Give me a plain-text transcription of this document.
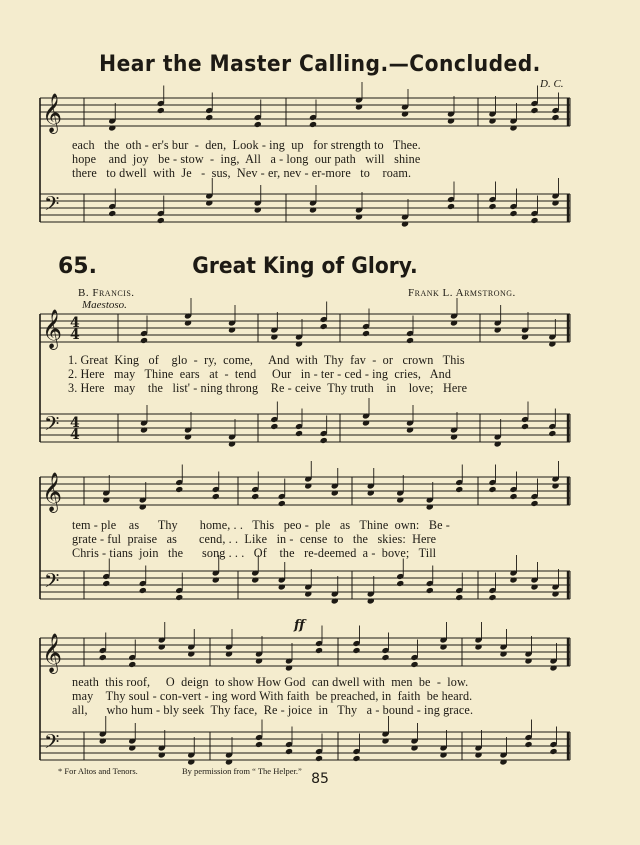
Hear the Master Calling.—Concluded.
D. C.
65.	Great King of Glory.
B. Francis.	Frank L. Armstrong.
Maestoso.
each   the  oth - er's bur  -  den,  Look - ing  up   for strength to   Thee.
hope    and  joy   be - stow  -  ing,  All   a - long  our path   will   shine
there   to dwell  with  Je   -  sus,  Nev - er, nev - er-more   to    roam.
1. Great  King   of    glo  -  ry,  come,     And  with  Thy  fav  -  or   crown   This
2. Here   may   Thine  ears   at  -  tend     Our   in - ter - ced - ing  cries,   And
3. Here   may    the   list' - ning throng    Re - ceive  Thy truth    in    love;   Here
tem - ple    as      Thy       home, . .   This   peo -  ple   as   Thine  own:   Be -
grate - ful  praise   as       cend, . .  Like   in -  cense  to   the   skies:  Here
Chris - tians  join   the      song . . .   Of    the   re-deemed  a -  bove;   Till
neath  this roof,     O  deign  to show How God  can dwell with  men  be  -  low.
may    Thy soul - con-vert - ing word With faith  be preached, in  faith  be heard.
all,      who hum - bly seek  Thy face,  Re - joice  in   Thy   a - bound - ing grace.
* For Altos and Tenors.	By permission from “ The Helper.” 85
𝄞
𝄢
𝄞
𝄢
𝄞
𝄢
𝄞
𝄢
4
4
4
4
ff
